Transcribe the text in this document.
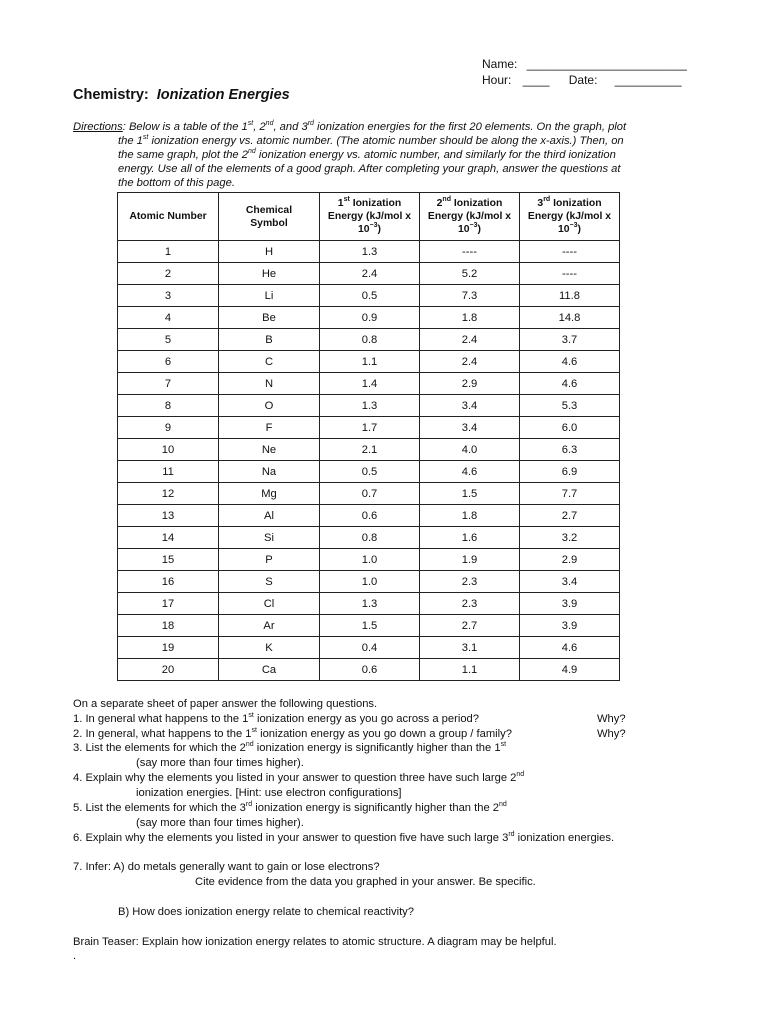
Name: ________________________
Hour: ____ Date: __________
Chemistry: Ionization Energies
Directions: Below is a table of the 1st, 2nd, and 3rd ionization energies for the first 20 elements. On the graph, plot
the 1st ionization energy vs. atomic number. (The atomic number should be along the x-axis.) Then, on
the same graph, plot the 2nd ionization energy vs. atomic number, and similarly for the third ionization
energy. Use all of the elements of a good graph. After completing your graph, answer the questions at
the bottom of this page.
Atomic Number	Chemical Symbol	1st Ionization Energy (kJ/mol x $10^{-3}$)	2nd Ionization Energy (kJ/mol x $10^{-3}$)	3rd Ionization Energy (kJ/mol x $10^{-3}$)
1	H	1.3	----	----
2	He	2.4	5.2	----
3	Li	0.5	7.3	11.8
4	Be	0.9	1.8	14.8
5	B	0.8	2.4	3.7
6	C	1.1	2.4	4.6
7	N	1.4	2.9	4.6
8	O	1.3	3.4	5.3
9	F	1.7	3.4	6.0
10	Ne	2.1	4.0	6.3
11	Na	0.5	4.6	6.9
12	Mg	0.7	1.5	7.7
13	Al	0.6	1.8	2.7
14	Si	0.8	1.6	3.2
15	P	1.0	1.9	2.9
16	S	1.0	2.3	3.4
17	Cl	1.3	2.3	3.9
18	Ar	1.5	2.7	3.9
19	K	0.4	3.1	4.6
20	Ca	0.6	1.1	4.9
On a separate sheet of paper answer the following questions.
1. In general what happens to the 1st ionization energy as you go across a period?	Why?
2. In general, what happens to the 1st ionization energy as you go down a group / family?	Why?
3. List the elements for which the 2nd ionization energy is significantly higher than the 1st
(say more than four times higher).
4. Explain why the elements you listed in your answer to question three have such large 2nd
ionization energies. [Hint: use electron configurations]
5. List the elements for which the 3rd ionization energy is significantly higher than the 2nd
(say more than four times higher).
6. Explain why the elements you listed in your answer to question five have such large 3rd ionization energies.
7. Infer: A) do metals generally want to gain or lose electrons?
Cite evidence from the data you graphed in your answer. Be specific.
B) How does ionization energy relate to chemical reactivity?
Brain Teaser: Explain how ionization energy relates to atomic structure. A diagram may be helpful.
.
